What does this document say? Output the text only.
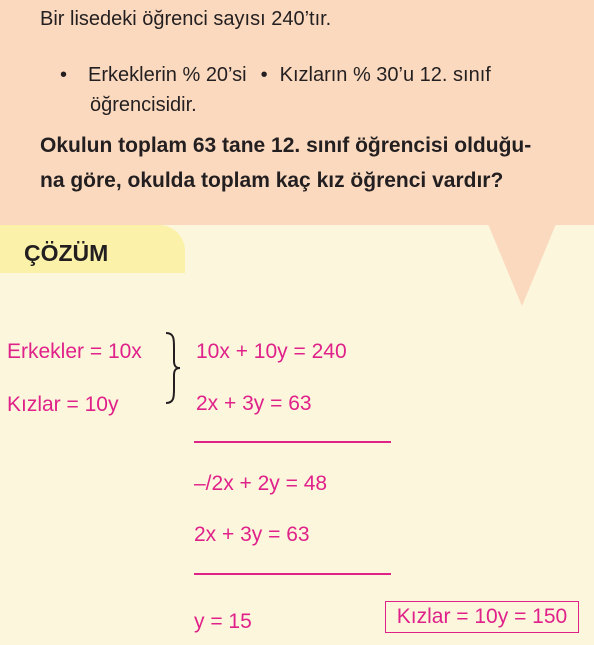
Bir lisedeki öğrenci sayısı 240’tır.
• Erkeklerin % 20’si • Kızların % 30’u 12. sınıf
öğrencisidir.
Okulun toplam 63 tane 12. sınıf öğrencisi olduğu-
na göre, okulda toplam kaç kız öğrenci vardır?
ÇÖZÜM
Erkekler = 10x
Kızlar = 10y
10x + 10y = 240
2x + 3y = 63
–/2x + 2y = 48
2x + 3y = 63
y = 15	Kızlar = 10y = 150
